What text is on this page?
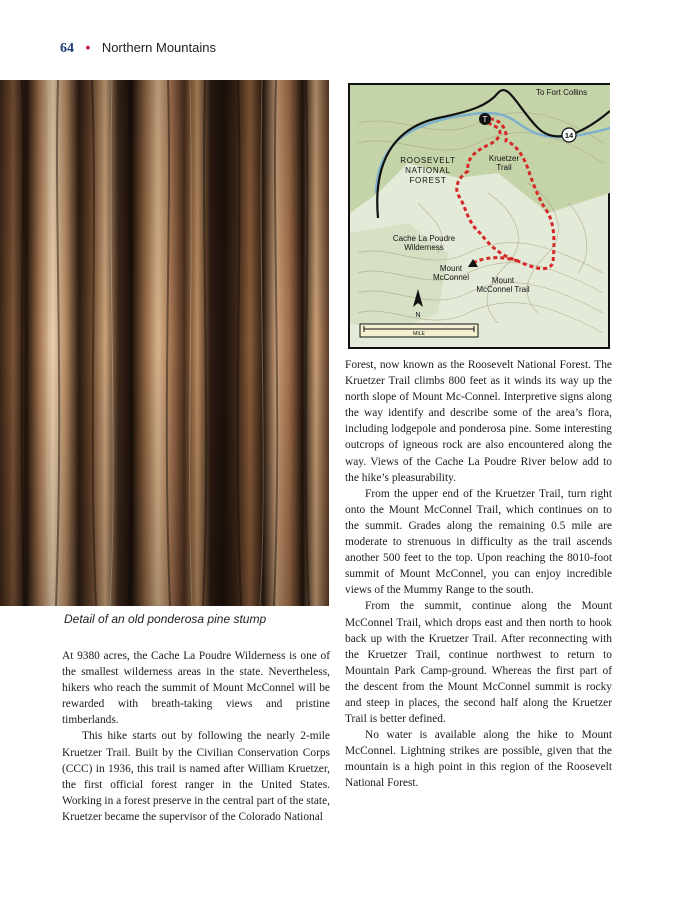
64 • Northern Mountains
Detail of an old ponderosa pine stump
To Fort Collins
T
14
ROOSEVELT
NATIONAL
FOREST
Kruetzer
Trail
Cache La Poudre
Wilderness
Mount
McConnel	Mount
McConnel Trail
N
MILE

At 9380 acres, the Cache La Poudre Wilderness is one of the smallest wilderness areas in the state. Nevertheless, hikers who reach the summit of Mount McConnel will be rewarded with breath-taking views and pristine timberlands.

This hike starts out by following the nearly 2-mile Kruetzer Trail. Built by the Civilian Conservation Corps (CCC) in 1936, this trail is named after William Kruetzer, the first official forest ranger in the United States. Working in a forest preserve in the central part of the state, Kruetzer became the supervisor of the Colorado National

Forest, now known as the Roosevelt National Forest. The Kruetzer Trail climbs 800 feet as it winds its way up the north slope of Mount Mc-Connel. Interpretive signs along the way identify and describe some of the area’s flora, including lodgepole and ponderosa pine. Some interesting outcrops of igneous rock are also encountered along the way. Views of the Cache La Poudre River below add to the hike’s pleasurability.

From the upper end of the Kruetzer Trail, turn right onto the Mount McConnel Trail, which continues on to the summit. Grades along the remaining 0.5 mile are moderate to strenuous in difficulty as the trail ascends another 500 feet to the top. Upon reaching the 8010-foot summit of Mount McConnel, you can enjoy incredible views of the Mummy Range to the south.

From the summit, continue along the Mount McConnel Trail, which drops east and then north to hook back up with the Kruetzer Trail. After reconnecting with the Kruetzer Trail, continue northwest to return to Mountain Park Camp-ground. Whereas the first part of the descent from the Mount McConnel summit is rocky and steep in places, the second half along the Kruetzer Trail is better defined.

No water is available along the hike to Mount McConnel. Lightning strikes are possible, given that the mountain is a high point in this region of the Roosevelt National Forest.
